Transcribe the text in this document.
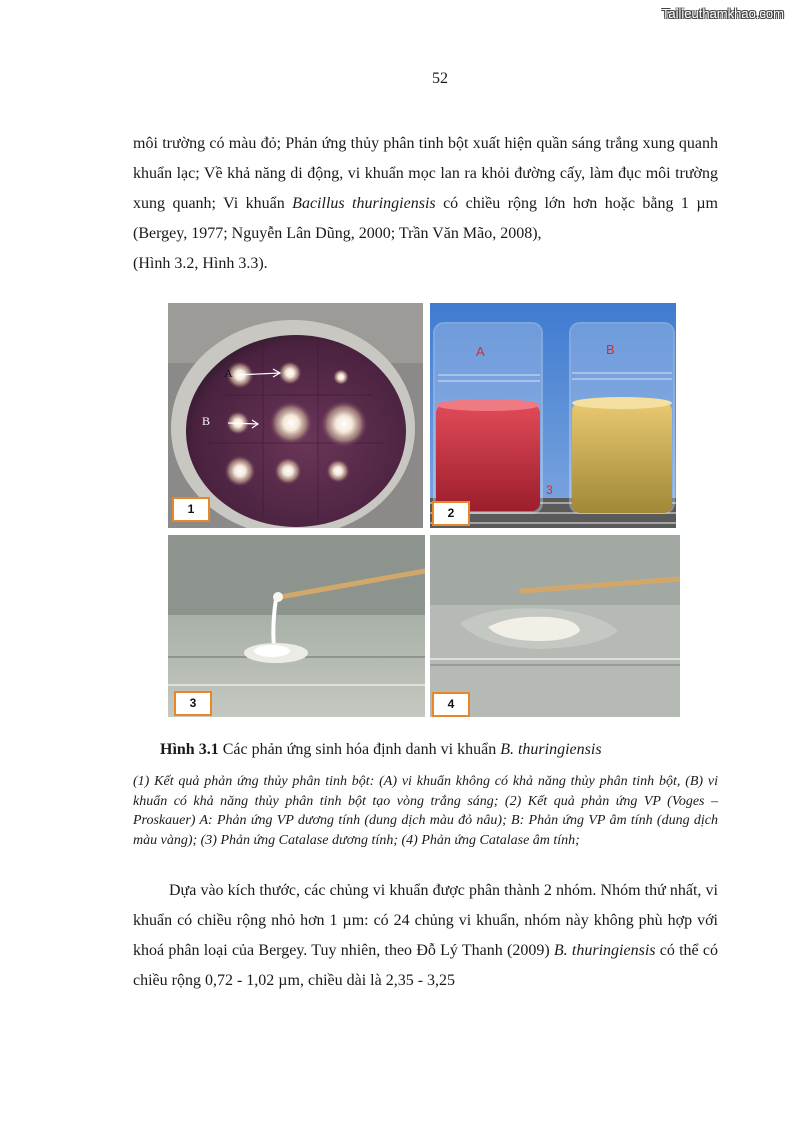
Tailieuthamkhao.com
52

môi trường có màu đỏ; Phản ứng thủy phân tinh bột xuất hiện quần sáng trắng xung quanh khuẩn lạc; Về khả năng di động, vi khuẩn mọc lan ra khỏi đường cấy, làm đục môi trường xung quanh; Vi khuẩn Bacillus thuringiensis có chiều rộng lớn hơn hoặc bằng 1 µm (Bergey, 1977; Nguyễn Lân Dũng, 2000; Trần Văn Mão, 2008),
(Hình 3.2, Hình 3.3).

A
B
1
A	B
3
2
3	4
Hình 3.1 Các phản ứng sinh hóa định danh vi khuẩn B. thuringiensis

(1) Kết quả phản ứng thủy phân tinh bột: (A) vi khuẩn không có khả năng thủy phân tinh bột, (B) vi khuẩn có khả năng thủy phân tinh bột tạo vòng trắng sáng; (2) Kết quả phản ứng VP (Voges – Proskauer) A: Phản ứng VP dương tính (dung dịch màu đỏ nâu); B: Phản ứng VP âm tính (dung dịch màu vàng); (3) Phản ứng Catalase dương tính; (4) Phản ứng Catalase âm tính;

Dựa vào kích thước, các chủng vi khuẩn được phân thành 2 nhóm. Nhóm thứ nhất, vi khuẩn có chiều rộng nhỏ hơn 1 µm: có 24 chủng vi khuẩn, nhóm này không phù hợp với khoá phân loại của Bergey. Tuy nhiên, theo Đỗ Lý Thanh (2009) B. thuringiensis có thể có chiều rộng 0,72 - 1,02 µm, chiều dài là 2,35 - 3,25
